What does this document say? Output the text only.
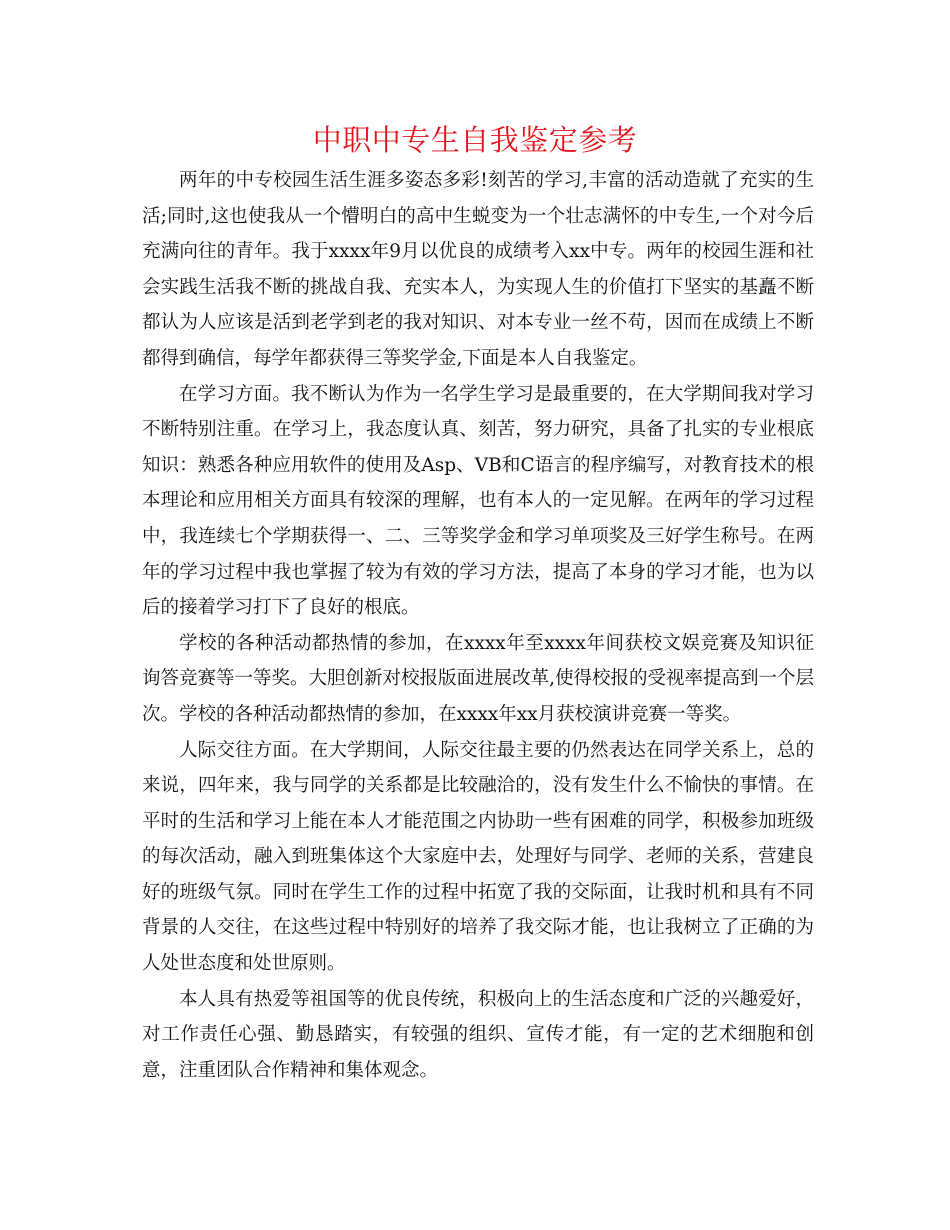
中职中专生自我鉴定参考

两年的中专校园生活生涯多姿态多彩!刻苦的学习,丰富的活动造就了充实的生活;同时,这也使我从一个懵明白的高中生蜕变为一个壮志满怀的中专生,一个对今后充满向往的青年。我于xxxx年9月以优良的成绩考入xx中专。两年的校园生涯和社会实践生活我不断的挑战自我、充实本人，为实现人生的价值打下坚实的基矗不断都认为人应该是活到老学到老的我对知识、对本专业一丝不苟，因而在成绩上不断都得到确信，每学年都获得三等奖学金,下面是本人自我鉴定。

在学习方面。我不断认为作为一名学生学习是最重要的，在大学期间我对学习不断特别注重。在学习上，我态度认真、刻苦，努力研究，具备了扎实的专业根底知识：熟悉各种应用软件的使用及Asp、VB和C语言的程序编写，对教育技术的根本理论和应用相关方面具有较深的理解，也有本人的一定见解。在两年的学习过程中，我连续七个学期获得一、二、三等奖学金和学习单项奖及三好学生称号。在两年的学习过程中我也掌握了较为有效的学习方法，提高了本身的学习才能，也为以后的接着学习打下了良好的根底。

学校的各种活动都热情的参加，在xxxx年至xxxx年间获校文娱竞赛及知识征询答竞赛等一等奖。大胆创新对校报版面进展改革,使得校报的受视率提高到一个层次。学校的各种活动都热情的参加，在xxxx年xx月获校演讲竞赛一等奖。

人际交往方面。在大学期间，人际交往最主要的仍然表达在同学关系上，总的来说，四年来，我与同学的关系都是比较融洽的，没有发生什么不愉快的事情。在平时的生活和学习上能在本人才能范围之内协助一些有困难的同学，积极参加班级的每次活动，融入到班集体这个大家庭中去，处理好与同学、老师的关系，营建良好的班级气氛。同时在学生工作的过程中拓宽了我的交际面，让我时机和具有不同背景的人交往，在这些过程中特别好的培养了我交际才能，也让我树立了正确的为人处世态度和处世原则。

本人具有热爱等祖国等的优良传统，积极向上的生活态度和广泛的兴趣爱好，对工作责任心强、勤恳踏实，有较强的组织、宣传才能，有一定的艺术细胞和创意，注重团队合作精神和集体观念。
